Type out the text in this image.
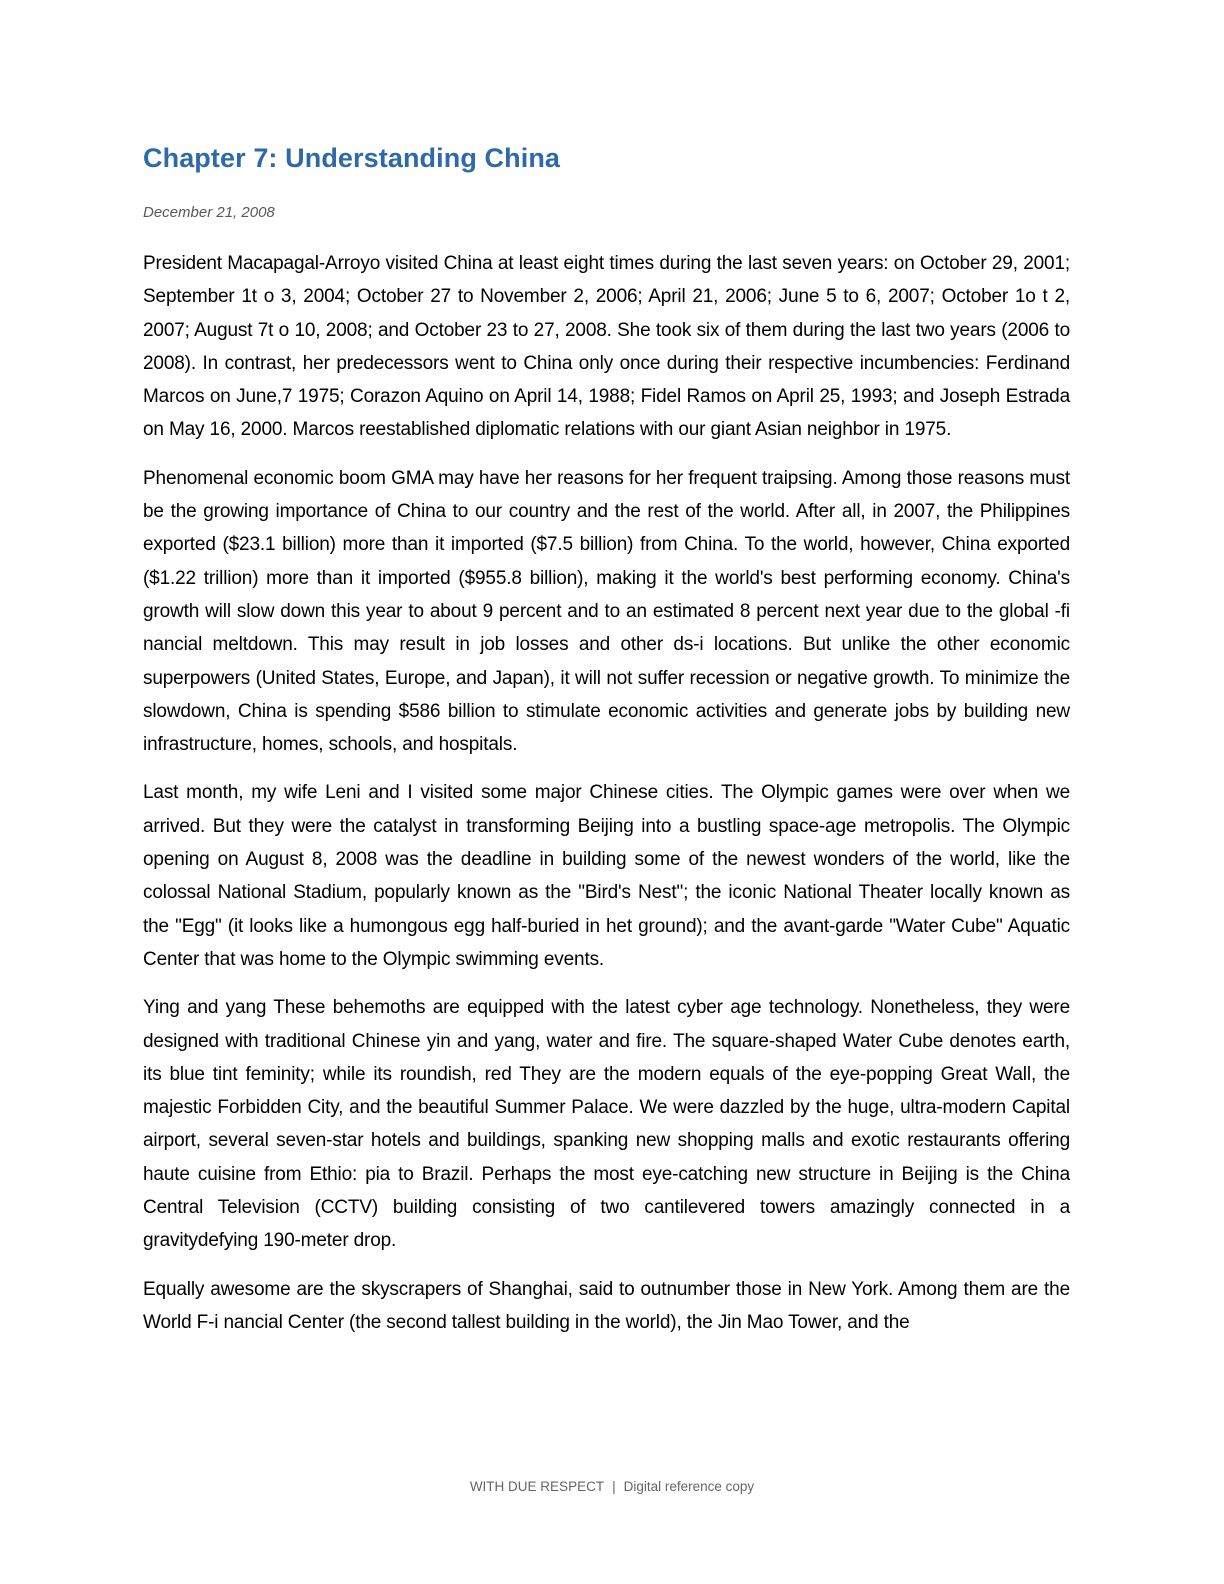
Chapter 7: Understanding China
December 21, 2008

President Macapagal-Arroyo visited China at least eight times during the last seven years: on October 29, 2001; September 1t o 3, 2004; October 27 to November 2, 2006; April 21, 2006; June 5 to 6, 2007; October 1o t 2, 2007; August 7t o 10, 2008; and October 23 to 27, 2008. She took six of them during the last two years (2006 to 2008). In contrast, her predecessors went to China only once during their respective incumbencies: Ferdinand Marcos on June,7 1975; Corazon Aquino on April 14, 1988; Fidel Ramos on April 25, 1993; and Joseph Estrada on May 16, 2000. Marcos reestablished diplomatic relations with our giant Asian neighbor in 1975.

Phenomenal economic boom GMA may have her reasons for her frequent traipsing. Among those reasons must be the growing importance of China to our country and the rest of the world. After all, in 2007, the Philippines exported ($23.1 billion) more than it imported ($7.5 billion) from China. To the world, however, China exported ($1.22 trillion) more than it imported ($955.8 billion), making it the world's best performing economy. China's growth will slow down this year to about 9 percent and to an estimated 8 percent next year due to the global -fi nancial meltdown. This may result in job losses and other ds-i locations. But unlike the other economic superpowers (United States, Europe, and Japan), it will not suffer recession or negative growth. To minimize the slowdown, China is spending $586 billion to stimulate economic activities and generate jobs by building new infrastructure, homes, schools, and hospitals.

Last month, my wife Leni and I visited some major Chinese cities. The Olympic games were over when we arrived. But they were the catalyst in transforming Beijing into a bustling space-age metropolis. The Olympic opening on August 8, 2008 was the deadline in building some of the newest wonders of the world, like the colossal National Stadium, popularly known as the "Bird's Nest"; the iconic National Theater locally known as the "Egg" (it looks like a humongous egg half-buried in het ground); and the avant-garde "Water Cube" Aquatic Center that was home to the Olympic swimming events.

Ying and yang These behemoths are equipped with the latest cyber age technology. Nonetheless, they were designed with traditional Chinese yin and yang, water and fire. The square-shaped Water Cube denotes earth, its blue tint feminity; while its roundish, red They are the modern equals of the eye-popping Great Wall, the majestic Forbidden City, and the beautiful Summer Palace. We were dazzled by the huge, ultra-modern Capital airport, several seven-star hotels and buildings, spanking new shopping malls and exotic restaurants offering haute cuisine from Ethio: pia to Brazil. Perhaps the most eye-catching new structure in Beijing is the China Central Television (CCTV) building consisting of two cantilevered towers amazingly connected in a gravitydefying 190-meter drop.

Equally awesome are the skyscrapers of Shanghai, said to outnumber those in New York. Among them are the World F-i nancial Center (the second tallest building in the world), the Jin Mao Tower, and the

WITH DUE RESPECT | Digital reference copy
